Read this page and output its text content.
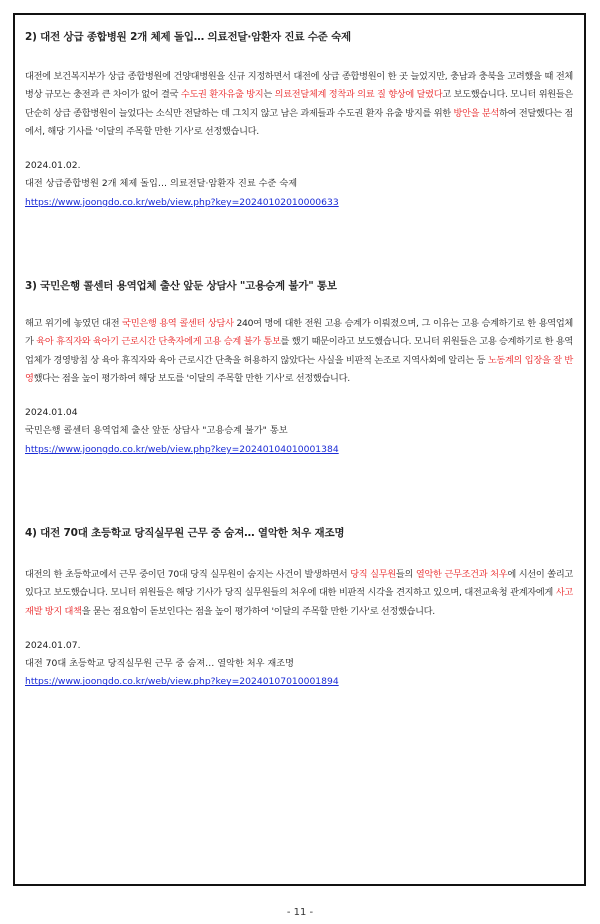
2) 대전 상급 종합병원 2개 체제 돌입… 의료전달·암환자 진료 수준 숙제

대전에 보건복지부가 상급 종합병원에 건양대병원을 신규 지정하면서 대전에 상급 종합병원이 한 곳 늘었지만, 충남과 충북을 고려했을 때 전체 병상 규모는 충전과 큰 차이가 없어 결국 수도권 환자유출 방지는 의료전달체계 정착과 의료 질 향상에 달렸다고 보도했습니다. 모니터 위원들은 단순히 상급 종합병원이 늘었다는 소식만 전달하는 데 그치지 않고 남은 과제들과 수도권 환자 유출 방지를 위한 방안을 분석하여 전달했다는 점에서, 해당 기사를 '이달의 주목할 만한 기사'로 선정했습니다.

2024.01.02.
대전 상급종합병원 2개 체제 돌입… 의료전달·암환자 진료 수준 숙제
https://www.joongdo.co.kr/web/view.php?key=20240102010000633

3) 국민은행 콜센터 용역업체 출산 앞둔 상담사 "고용승계 불가" 통보

해고 위기에 놓였던 대전 국민은행 용역 콜센터 상담사 240여 명에 대한 전원 고용 승계가 이뤄졌으며, 그 이유는 고용 승계하기로 한 용역업체가 육아 휴직자와 육아기 근로시간 단축자에게 고용 승계 불가 통보를 했기 때문이라고 보도했습니다. 모니터 위원들은 고용 승계하기로 한 용역업체가 경영방침 상 육아 휴직자와 육아 근로시간 단축을 허용하지 않았다는 사실을 비판적 논조로 지역사회에 알리는 등 노동계의 입장을 잘 반영했다는 점을 높이 평가하여 해당 보도를 '이달의 주목할 만한 기사'로 선정했습니다.

2024.01.04
국민은행 콜센터 용역업체 출산 앞둔 상담사 "고용승계 불가" 통보
https://www.joongdo.co.kr/web/view.php?key=20240104010001384

4) 대전 70대 초등학교 당직실무원 근무 중 숨져… 열악한 처우 재조명

대전의 한 초등학교에서 근무 중이던 70대 당직 실무원이 숨지는 사건이 발생하면서 당직 실무원들의 열악한 근무조건과 처우에 시선이 쏠리고 있다고 보도했습니다. 모니터 위원들은 해당 기사가 당직 실무원들의 처우에 대한 비판적 시각을 견지하고 있으며, 대전교육청 관계자에게 사고 재발 방지 대책을 묻는 점요함이 돋보인다는 점을 높이 평가하여 '이달의 주목할 만한 기사'로 선정했습니다.

2024.01.07.
대전 70대 초등학교 당직실무원 근무 중 숨져… 열악한 처우 재조명
https://www.joongdo.co.kr/web/view.php?key=20240107010001894
- 11 -
